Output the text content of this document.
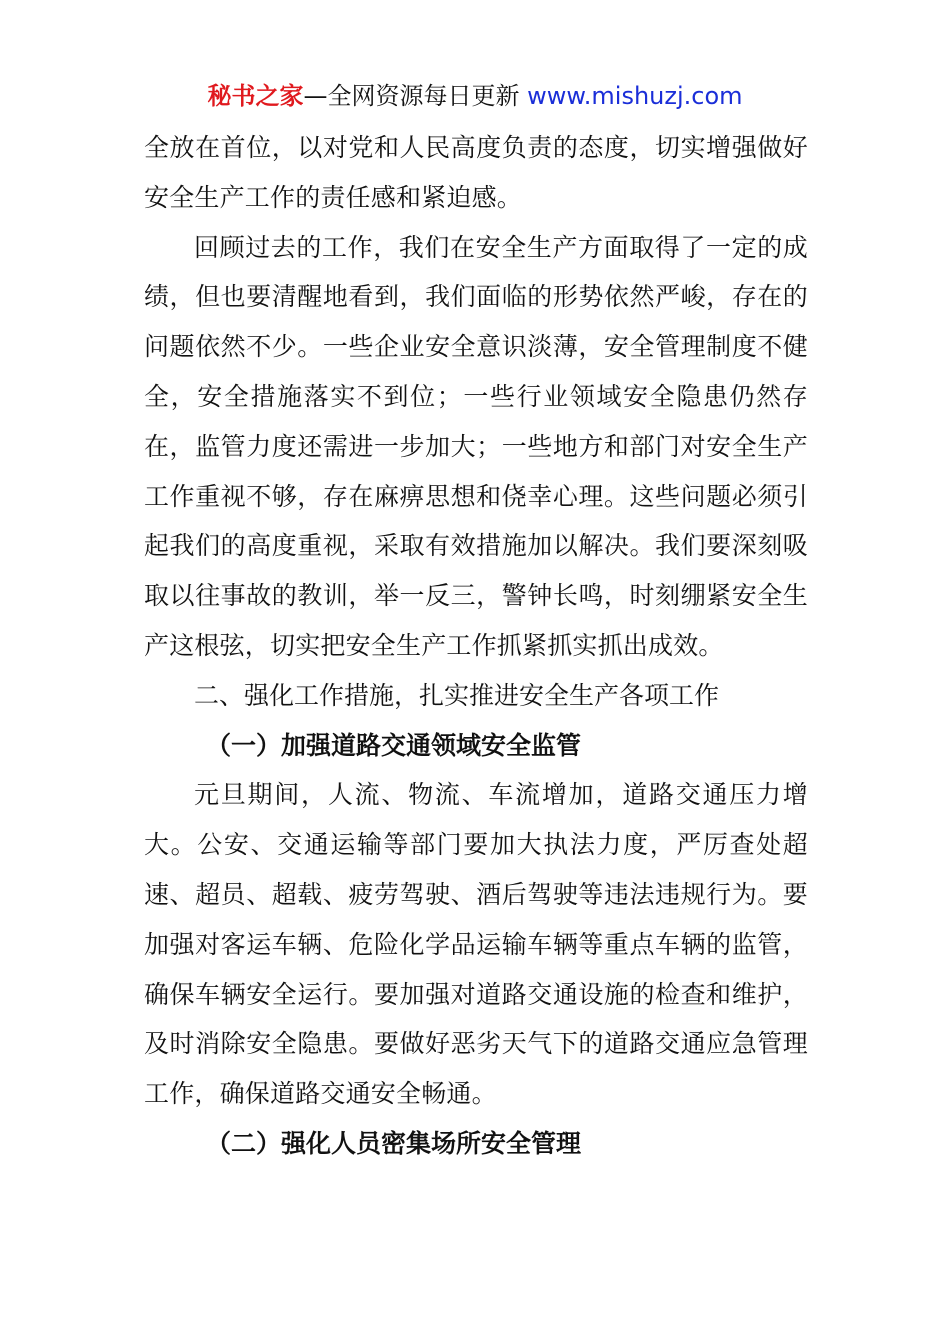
秘书之家—全网资源每日更新 www.mishuzj.com

全放在首位，以对党和人民高度负责的态度，切实增强做好安全生产工作的责任感和紧迫感。

回顾过去的工作，我们在安全生产方面取得了一定的成绩，但也要清醒地看到，我们面临的形势依然严峻，存在的问题依然不少。一些企业安全意识淡薄，安全管理制度不健全，安全措施落实不到位；一些行业领域安全隐患仍然存在，监管力度还需进一步加大；一些地方和部门对安全生产工作重视不够，存在麻痹思想和侥幸心理。这些问题必须引起我们的高度重视，采取有效措施加以解决。我们要深刻吸取以往事故的教训，举一反三，警钟长鸣，时刻绷紧安全生产这根弦，切实把安全生产工作抓紧抓实抓出成效。

二、强化工作措施，扎实推进安全生产各项工作

（一）加强道路交通领域安全监管

元旦期间，人流、物流、车流增加，道路交通压力增大。公安、交通运输等部门要加大执法力度，严厉查处超速、超员、超载、疲劳驾驶、酒后驾驶等违法违规行为。要加强对客运车辆、危险化学品运输车辆等重点车辆的监管，确保车辆安全运行。要加强对道路交通设施的检查和维护，及时消除安全隐患。要做好恶劣天气下的道路交通应急管理工作，确保道路交通安全畅通。

（二）强化人员密集场所安全管理
